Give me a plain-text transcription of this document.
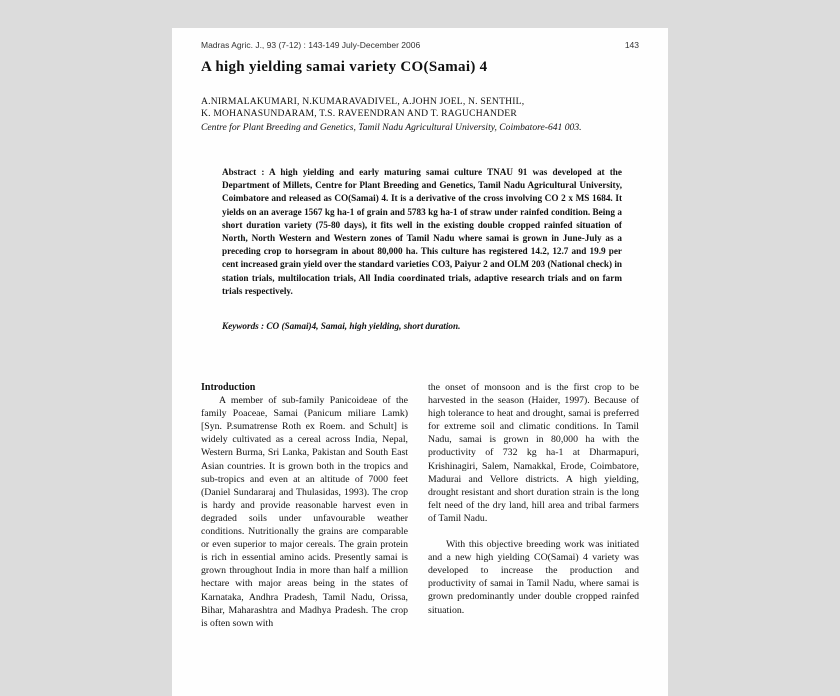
Madras Agric. J., 93 (7-12) : 143-149 July-December 2006	143
A high yielding samai variety CO(Samai) 4
A.NIRMALAKUMARI, N.KUMARAVADIVEL, A.JOHN JOEL, N. SENTHIL,
K. MOHANASUNDARAM, T.S. RAVEENDRAN AND T. RAGUCHANDER
Centre for Plant Breeding and Genetics, Tamil Nadu Agricultural University, Coimbatore-641 003.
Abstract : A high yielding and early maturing samai culture TNAU 91 was developed at the Department of Millets, Centre for Plant Breeding and Genetics, Tamil Nadu Agricultural University, Coimbatore and released as CO(Samai) 4. It is a derivative of the cross involving CO 2 x MS 1684. It yields on an average 1567 kg ha-1 of grain and 5783 kg ha-1 of straw under rainfed condition. Being a short duration variety (75-80 days), it fits well in the existing double cropped rainfed situation of North, North Western and Western zones of Tamil Nadu where samai is grown in June-July as a preceding crop to horsegram in about 80,000 ha. This culture has registered 14.2, 12.7 and 19.9 per cent increased grain yield over the standard varieties CO3, Paiyur 2 and OLM 203 (National check) in station trials, multilocation trials, All India coordinated trials, adaptive research trials and on farm trials respectively.
Keywords : CO (Samai)4, Samai, high yielding, short duration.
Introduction

A member of sub-family Panicoideae of the family Poaceae, Samai (Panicum miliare Lamk) [Syn. P.sumatrense Roth ex Roem. and Schult] is widely cultivated as a cereal across India, Nepal, Western Burma, Sri Lanka, Pakistan and South East Asian countries. It is grown both in the tropics and sub-tropics and even at an altitude of 7000 feet (Daniel Sundararaj and Thulasidas, 1993). The crop is hardy and provide reasonable harvest even in degraded soils under unfavourable weather conditions. Nutritionally the grains are comparable or even superior to major cereals. The grain protein is rich in essential amino acids. Presently samai is grown throughout India in more than half a million hectare with major areas being in the states of Karnataka, Andhra Pradesh, Tamil Nadu, Orissa, Bihar, Maharashtra and Madhya Pradesh. The crop is often sown with

the onset of monsoon and is the first crop to be harvested in the season (Haider, 1997). Because of high tolerance to heat and drought, samai is preferred for extreme soil and climatic conditions. In Tamil Nadu, samai is grown in 80,000 ha with the productivity of 732 kg ha-1 at Dharmapuri, Krishinagiri, Salem, Namakkal, Erode, Coimbatore, Madurai and Vellore districts. A high yielding, drought resistant and short duration strain is the long felt need of the dry land, hill area and tribal farmers of Tamil Nadu.

With this objective breeding work was initiated and a new high yielding CO(Samai) 4 variety was developed to increase the production and productivity of samai in Tamil Nadu, where samai is grown predominantly under double cropped rainfed situation.
